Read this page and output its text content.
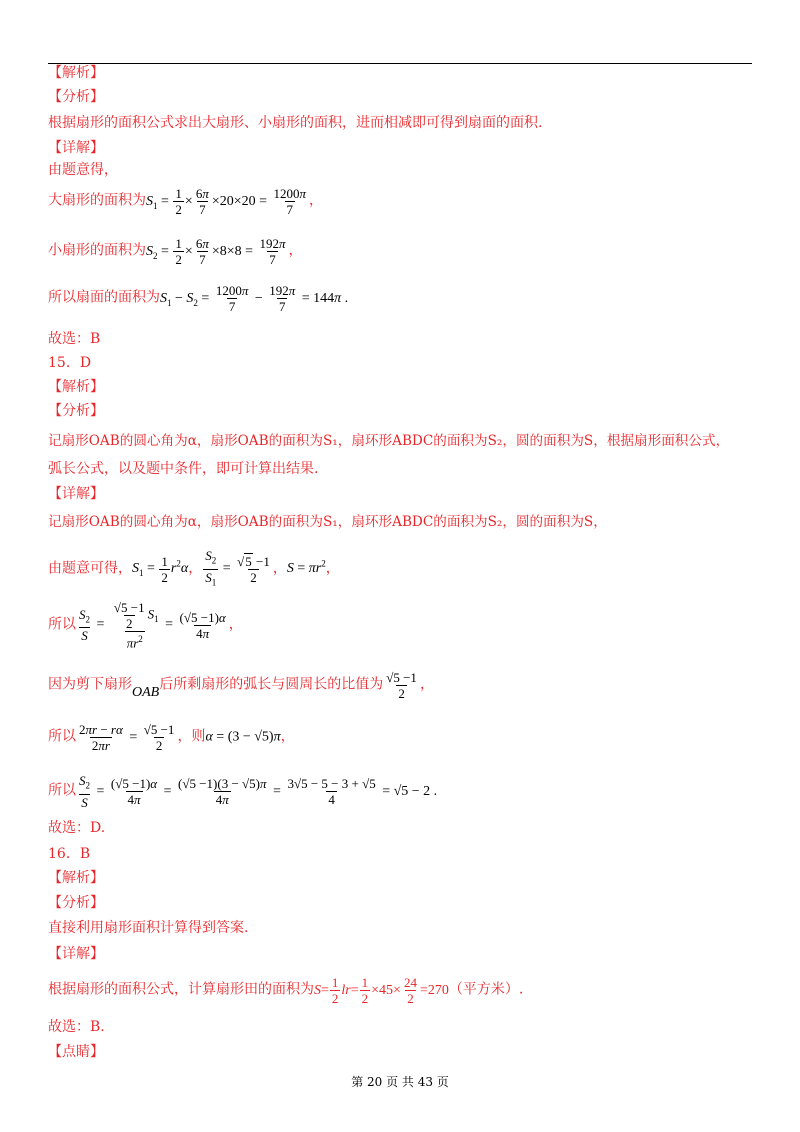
【解析】
【分析】
根据扇形的面积公式求出大扇形、小扇形的面积，进而相减即可得到扇面的面积.
【详解】
由题意得，
大扇形的面积为$S_1 = \frac{1}{2} \times \frac{6\pi}{7} \times 20\times 20 = \frac{1200\pi}{7}$ ，
小扇形的面积为$S_2 = \frac{1}{2} \times \frac{6\pi}{7} \times 8\times 8 = \frac{192\pi}{7}$ ，
所以扇面的面积为$S_1 - S_2 = \frac{1200\pi}{7} - \frac{192\pi}{7} = 144\pi$ .
故选：B
15．D
【解析】
【分析】
记扇形OAB的圆心角为α，扇形OAB的面积为S₁，扇环形ABDC的面积为S₂，圆的面积为S，根据扇形面积公式，
弧长公式，以及题中条件，即可计算出结果.
【详解】
记扇形OAB的圆心角为α，扇形OAB的面积为S₁，扇环形ABDC的面积为S₂，圆的面积为S，
由题意可得，$S_1 = \frac{1}{2} r^2\alpha$， $\frac{S_2}{S_1} = \frac{√5 -1}{2}$ ，$S = \pi r^2$，
所以 $\frac{S_2}{S} = \frac{\frac{√5 -1}{2} S_1}{\pi r^2} = \frac{(√5 -1)\alpha}{4\pi}$ ，
因为剪下扇形OAB后所剩扇形的弧长与圆周长的比值为 $\frac{√5 -1}{2}$ ，
所以 $\frac{2\pi r - r\alpha}{2\pi r} = \frac{√5 -1}{2}$ ，则α = (3 − √5)π，
所以 $\frac{S_2}{S} = \frac{(√5 -1)\alpha}{4\pi} = \frac{(√5 -1)(3 - √5)\pi}{4\pi} = \frac{3√5 - 5 - 3 + √5}{4} = √5 - 2$ .
故选：D.
16．B
【解析】
【分析】
直接利用扇形面积计算得到答案.
【详解】
根据扇形的面积公式，计算扇形田的面积为$S= \frac{1}{2} lr= \frac{1}{2} \times 45\times \frac{24}{2} =270$（平方米）.
故选：B.
【点睛】
第 20 页 共 43 页
